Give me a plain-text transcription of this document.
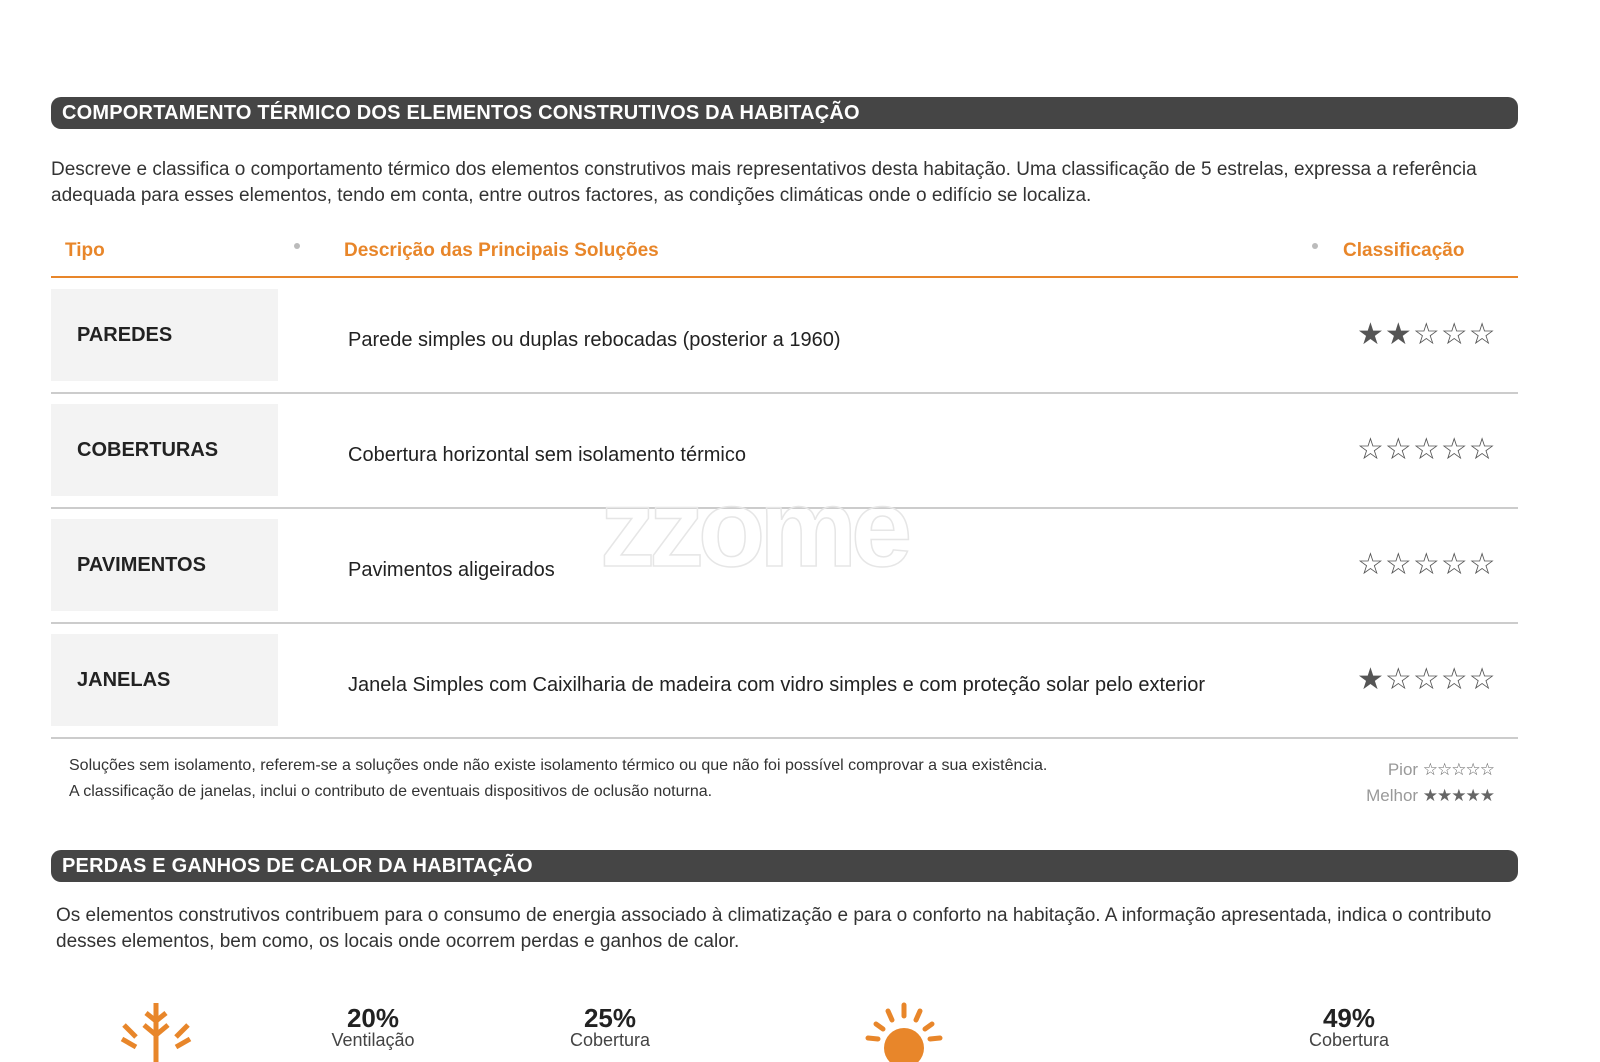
COMPORTAMENTO TÉRMICO DOS ELEMENTOS CONSTRUTIVOS DA HABITAÇÃO
Descreve e classifica o comportamento térmico dos elementos construtivos mais representativos desta habitação. Uma classificação de 5 estrelas, expressa a referência adequada para esses elementos, tendo em conta, entre outros factores, as condições climáticas onde o edifício se localiza.
Tipo	Descrição das Principais Soluções	Classificação
PAREDES	Parede simples ou duplas rebocadas (posterior a 1960)	★★☆☆☆
COBERTURAS	Cobertura horizontal sem isolamento térmico	☆☆☆☆☆
PAVIMENTOS	Pavimentos aligeirados	☆☆☆☆☆
JANELAS	Janela Simples com Caixilharia de madeira com vidro simples e com proteção solar pelo exterior	★☆☆☆☆
zzome
Soluções sem isolamento, referem-se a soluções onde não existe isolamento térmico ou que não foi possível comprovar a sua existência.
A classificação de janelas, inclui o contributo de eventuais dispositivos de oclusão noturna.
Pior ☆☆☆☆☆
Melhor ★★★★★
PERDAS E GANHOS DE CALOR DA HABITAÇÃO
Os elementos construtivos contribuem para o consumo de energia associado à climatização e para o conforto na habitação. A informação apresentada, indica o contributo desses elementos, bem como, os locais onde ocorrem perdas e ganhos de calor.
20%
Ventilação
25%
Cobertura
49%
Cobertura
